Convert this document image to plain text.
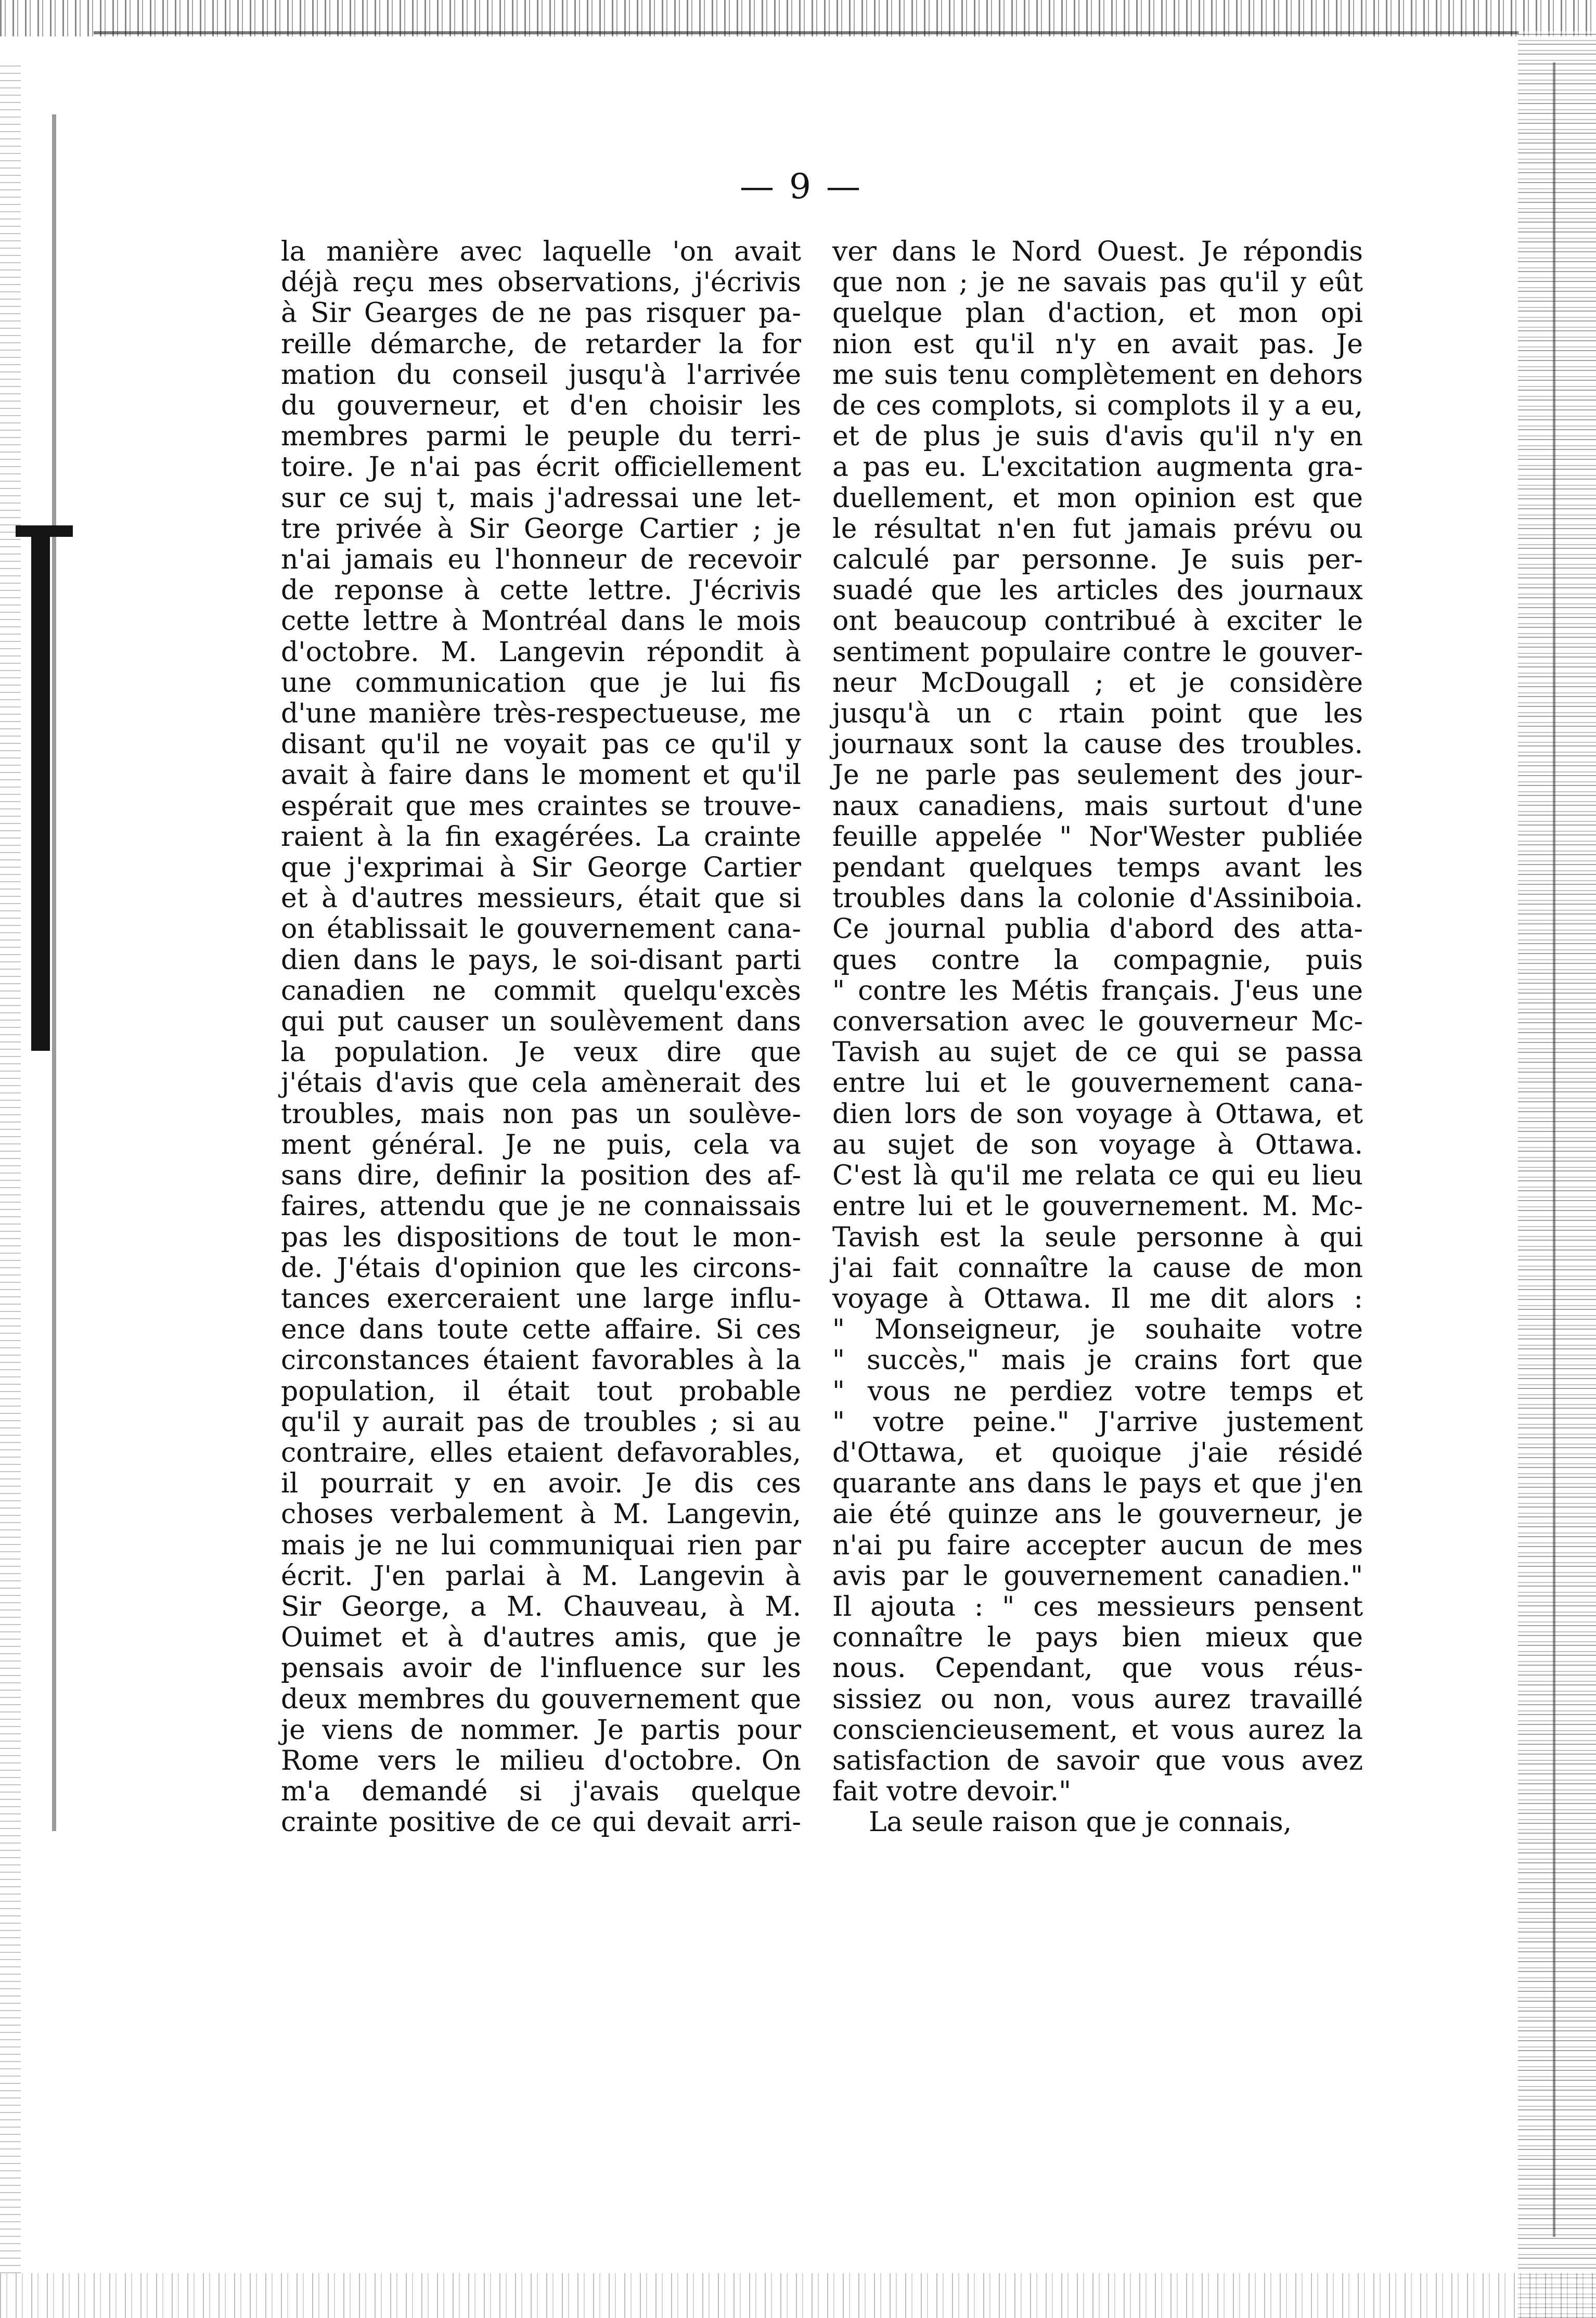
— 9 —
la manière avec laquelle 'on avait
déjà reçu mes observations, j'écrivis
à Sir Gearges de ne pas risquer pa-
reille démarche, de retarder la for
mation du conseil jusqu'à l'arrivée
du gouverneur, et d'en choisir les
membres parmi le peuple du terri-
toire. Je n'ai pas écrit officiellement
sur ce suj t, mais j'adressai une let-
tre privée à Sir George Cartier ; je
n'ai jamais eu l'honneur de recevoir
de reponse à cette lettre. J'écrivis
cette lettre à Montréal dans le mois
d'octobre. M. Langevin répondit à
une communication que je lui fis
d'une manière très-respectueuse, me
disant qu'il ne voyait pas ce qu'il y
avait à faire dans le moment et qu'il
espérait que mes craintes se trouve-
raient à la fin exagérées. La crainte
que j'exprimai à Sir George Cartier
et à d'autres messieurs, était que si
on établissait le gouvernement cana-
dien dans le pays, le soi-disant parti
canadien ne commit quelqu'excès
qui put causer un soulèvement dans
la population. Je veux dire que
j'étais d'avis que cela amènerait des
troubles, mais non pas un soulève-
ment général. Je ne puis, cela va
sans dire, definir la position des af-
faires, attendu que je ne connaissais
pas les dispositions de tout le mon-
de. J'étais d'opinion que les circons-
tances exerceraient une large influ-
ence dans toute cette affaire. Si ces
circonstances étaient favorables à la
population, il était tout probable
qu'il y aurait pas de troubles ; si au
contraire, elles etaient defavorables,
il pourrait y en avoir. Je dis ces
choses verbalement à M. Langevin,
mais je ne lui communiquai rien par
écrit. J'en parlai à M. Langevin à
Sir George, a M. Chauveau, à M.
Ouimet et à d'autres amis, que je
pensais avoir de l'influence sur les
deux membres du gouvernement que
je viens de nommer. Je partis pour
Rome vers le milieu d'octobre. On
m'a demandé si j'avais quelque
crainte positive de ce qui devait arri-
ver dans le Nord Ouest. Je répondis
que non ; je ne savais pas qu'il y eût
quelque plan d'action, et mon opi
nion est qu'il n'y en avait pas. Je
me suis tenu complètement en dehors
de ces complots, si complots il y a eu,
et de plus je suis d'avis qu'il n'y en
a pas eu. L'excitation augmenta gra-
duellement, et mon opinion est que
le résultat n'en fut jamais prévu ou
calculé par personne. Je suis per-
suadé que les articles des journaux
ont beaucoup contribué à exciter le
sentiment populaire contre le gouver-
neur McDougall ; et je considère
jusqu'à un c rtain point que les
journaux sont la cause des troubles.
Je ne parle pas seulement des jour-
naux canadiens, mais surtout d'une
feuille appelée " Nor'Wester publiée
pendant quelques temps avant les
troubles dans la colonie d'Assiniboia.
Ce journal publia d'abord des atta-
ques contre la compagnie, puis
" contre les Métis français. J'eus une
conversation avec le gouverneur Mc-
Tavish au sujet de ce qui se passa
entre lui et le gouvernement cana-
dien lors de son voyage à Ottawa, et
au sujet de son voyage à Ottawa.
C'est là qu'il me relata ce qui eu lieu
entre lui et le gouvernement. M. Mc-
Tavish est la seule personne à qui
j'ai fait connaître la cause de mon
voyage à Ottawa. Il me dit alors :
" Monseigneur, je souhaite votre
" succès," mais je crains fort que
" vous ne perdiez votre temps et
" votre peine." J'arrive justement
d'Ottawa, et quoique j'aie résidé
quarante ans dans le pays et que j'en
aie été quinze ans le gouverneur, je
n'ai pu faire accepter aucun de mes
avis par le gouvernement canadien."
Il ajouta : " ces messieurs pensent
connaître le pays bien mieux que
nous. Cependant, que vous réus-
sissiez ou non, vous aurez travaillé
consciencieusement, et vous aurez la
satisfaction de savoir que vous avez
fait votre devoir."
La seule raison que je connais,
